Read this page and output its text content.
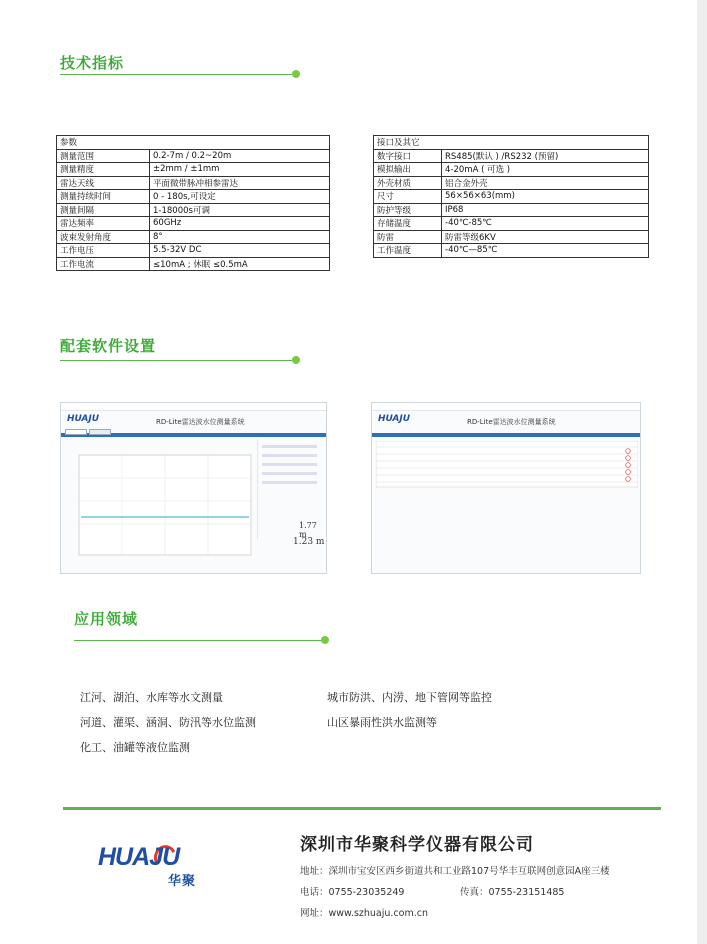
技术指标
参数	
测量范围	0.2-7m / 0.2~20m
测量精度	±2mm / ±1mm
雷达天线	平面微带脉冲相参雷达
测量持续时间	0 - 180s,可设定
测量间隔	1-18000s可调
雷达频率	60GHz
波束发射角度	8°
工作电压	5.5-32V DC
工作电流	≤10mA ; 休眠 ≤0.5mA
接口及其它	
数字接口	RS485(默认 ) /RS232 (预留)
模拟输出	4-20mA ( 可选 )
外壳材质	铝合金外壳
尺寸	56×56×63(mm)
防护等级	IP68
存储温度	-40℃-85℃
防雷	防雷等级6KV
工作温度	-40℃—85℃
配套软件设置
HUAJU	RD-Lite雷达波水位测量系统
1.77 m
1.23 m
HUAJU	RD-Lite雷达波水位测量系统
应用领域
江河、湖泊、水库等水文测量	城市防洪、内涝、地下管网等监控
河道、灌渠、涵洞、防汛等水位监测	山区暴雨性洪水监测等
化工、油罐等液位监测
HUAJU
华聚
深圳市华聚科学仪器有限公司
地址：深圳市宝安区西乡街道共和工业路107号华丰互联网创意园A座三楼
电话：0755-23035249	传真：0755-23151485
网址：www.szhuaju.com.cn
